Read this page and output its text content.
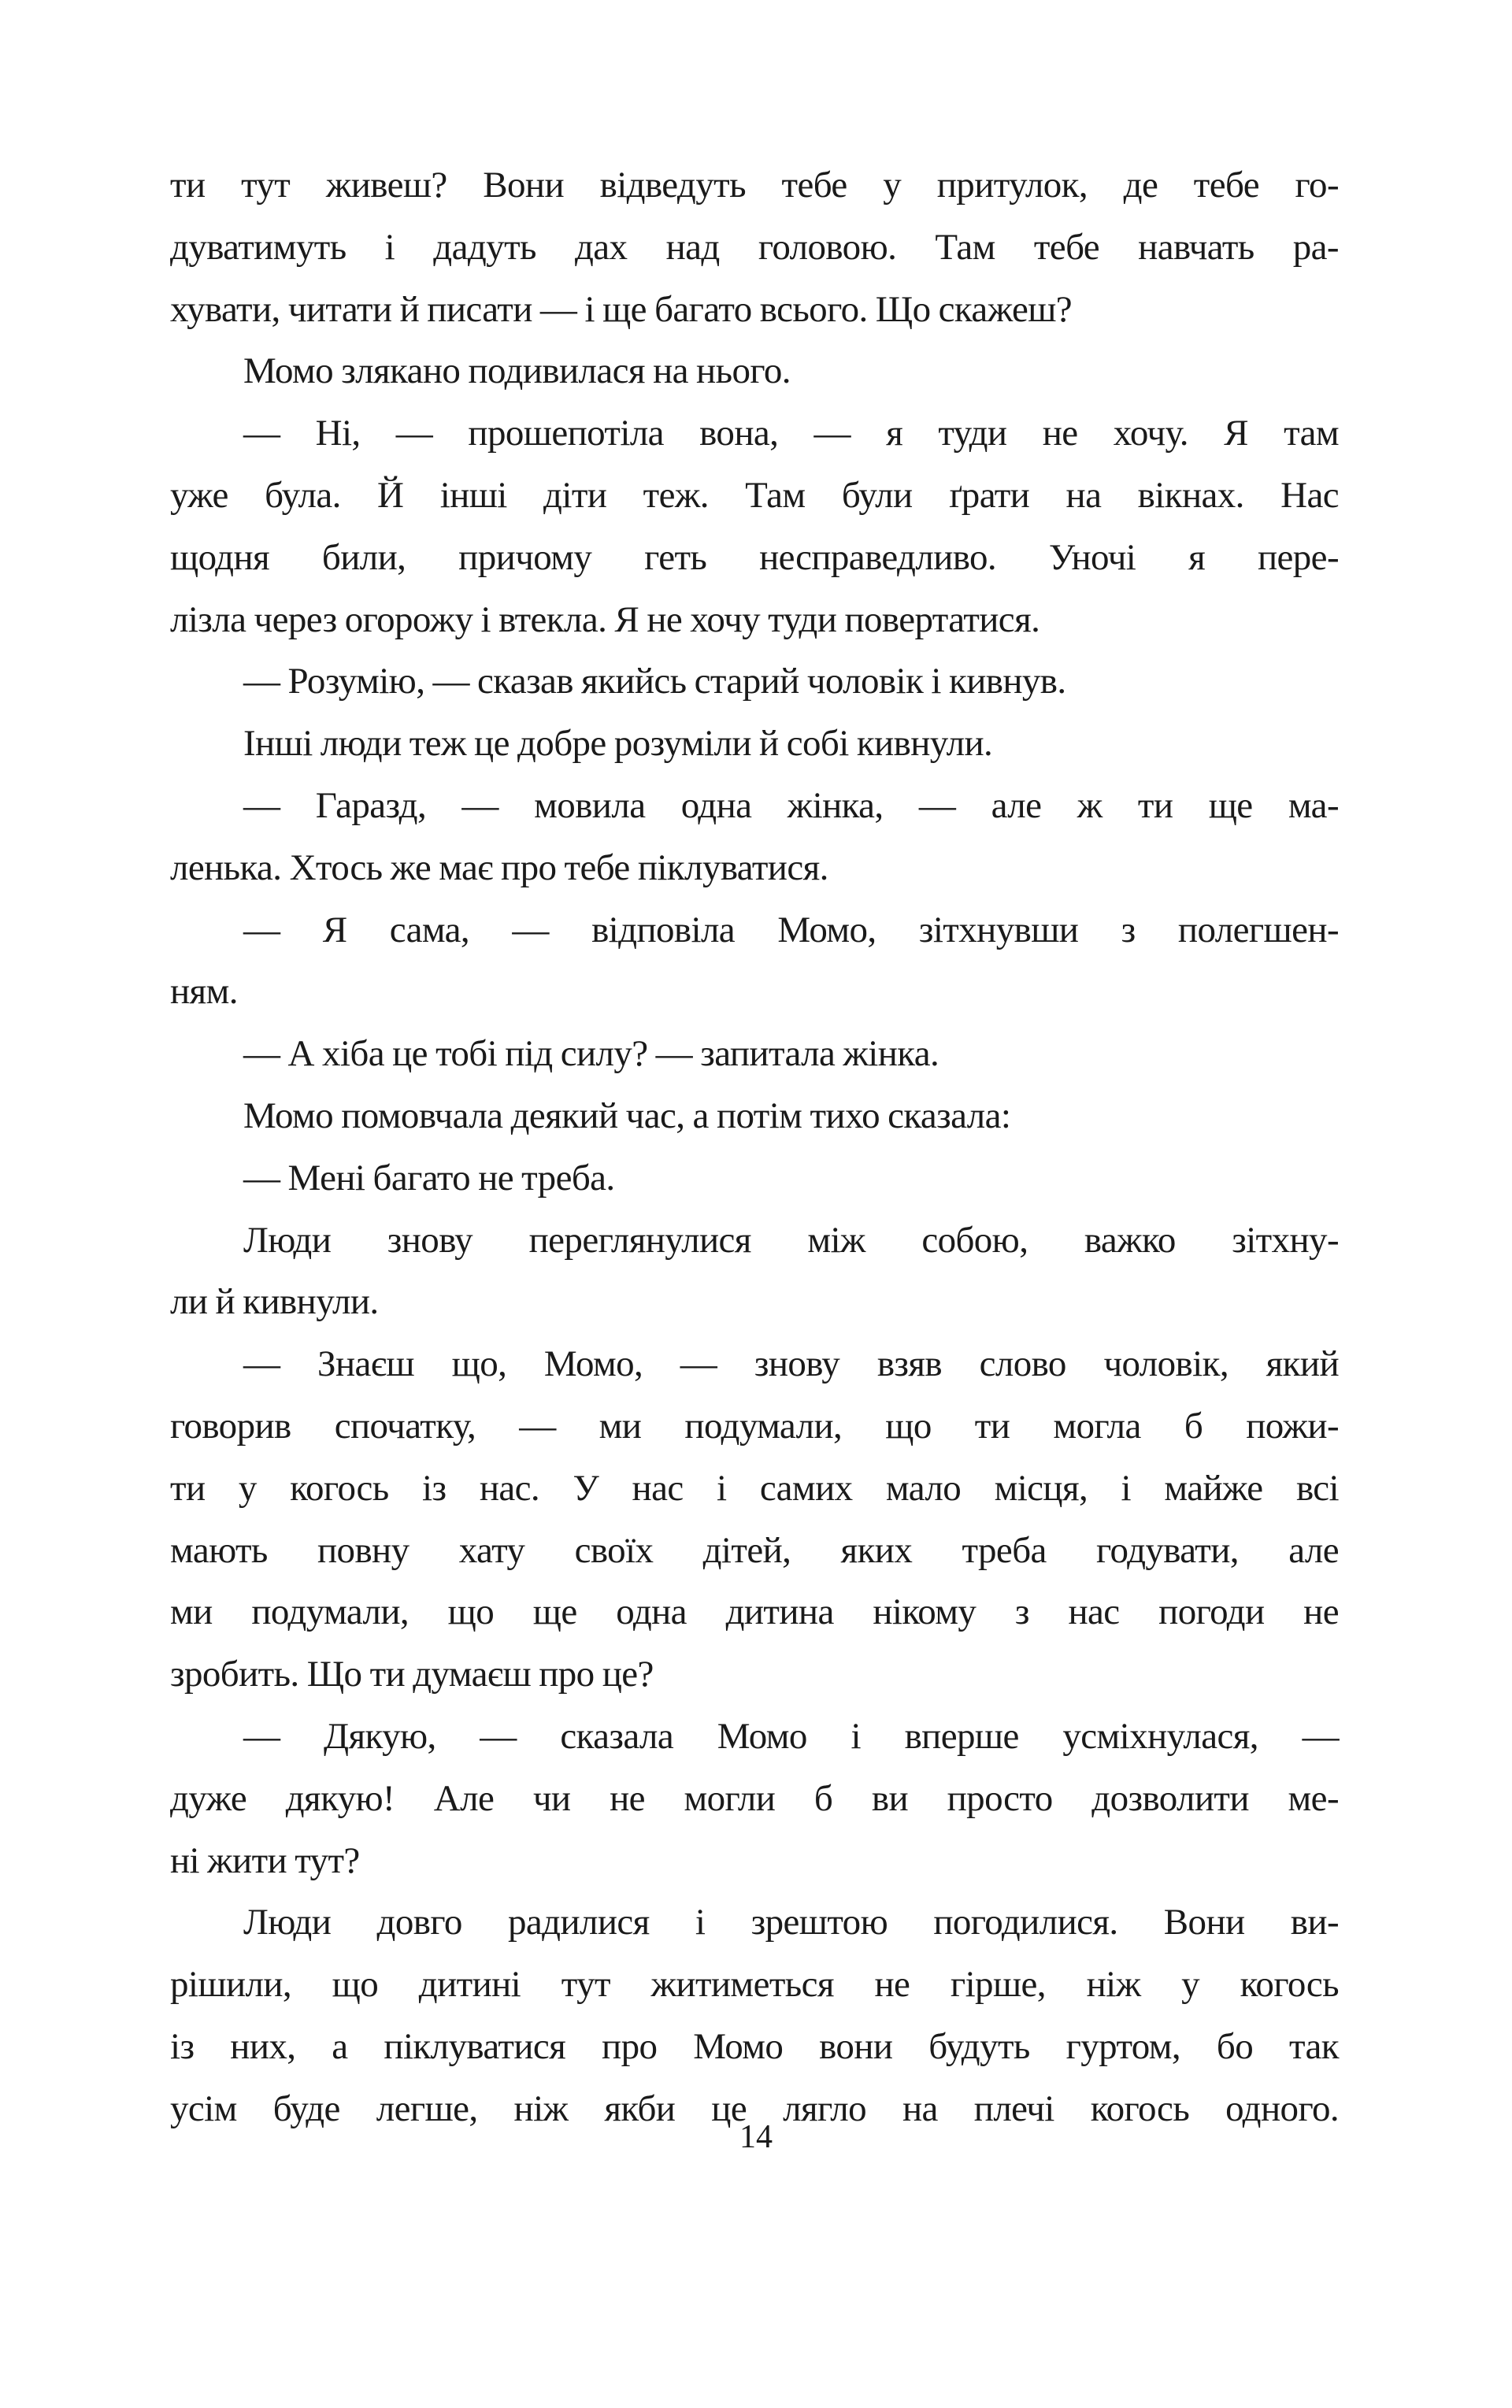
ти тут живеш? Вони відведуть тебе у притулок, де тебе го-
дуватимуть і дадуть дах над головою. Там тебе навчать ра-
хувати, читати й писати — і ще багато всього. Що скажеш?
Момо злякано подивилася на нього.
— Ні, — прошепотіла вона, — я туди не хочу. Я там
уже була. Й інші діти теж. Там були ґрати на вікнах. Нас
щодня били, причому геть несправедливо. Уночі я пере-
лізла через огорожу і втекла. Я не хочу туди повертатися.
— Розумію, — сказав якийсь старий чоловік і кивнув.
Інші люди теж це добре розуміли й собі кивнули.
— Гаразд, — мовила одна жінка, — але ж ти ще ма-
ленька. Хтось же має про тебе піклуватися.
— Я сама, — відповіла Момо, зітхнувши з полегшен-
ням.
— А хіба це тобі під силу? — запитала жінка.
Момо помовчала деякий час, а потім тихо сказала:
— Мені багато не треба.
Люди знову переглянулися між собою, важко зітхну-
ли й кивнули.
— Знаєш що, Момо, — знову взяв слово чоловік, який
говорив спочатку, — ми подумали, що ти могла б пожи-
ти у когось із нас. У нас і самих мало місця, і майже всі
мають повну хату своїх дітей, яких треба годувати, але
ми подумали, що ще одна дитина нікому з нас погоди не
зробить. Що ти думаєш про це?
— Дякую, — сказала Момо і вперше усміхнулася, —
дуже дякую! Але чи не могли б ви просто дозволити ме-
ні жити тут?
Люди довго радилися і зрештою погодилися. Вони ви-
рішили, що дитині тут житиметься не гірше, ніж у когось
із них, а піклуватися про Момо вони будуть гуртом, бо так
усім буде легше, ніж якби це лягло на плечі когось одного.
14
